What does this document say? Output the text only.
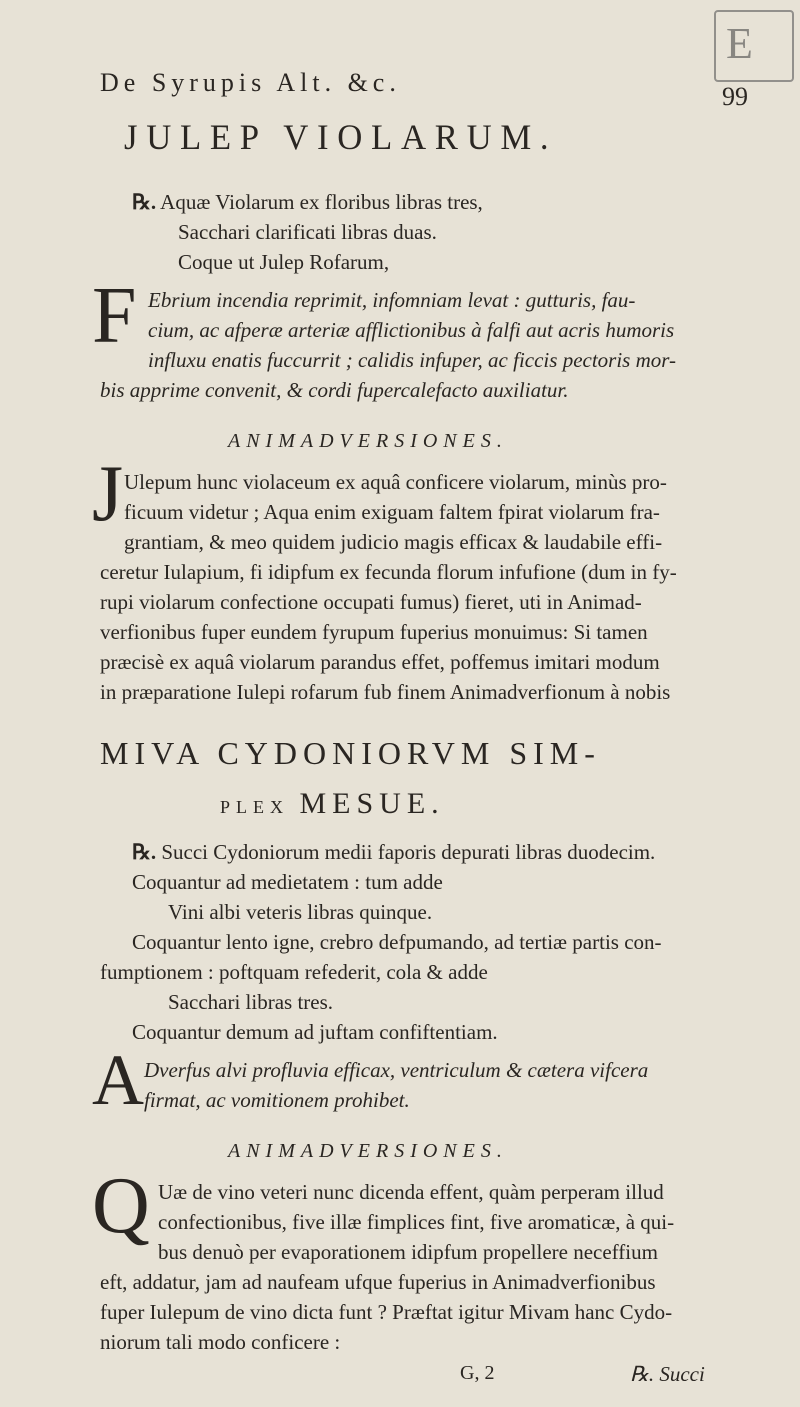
E
De Syrupis Alt. &c.	99
JULEP VIOLARUM.
℞. Aquæ Violarum ex floribus libras tres,
Sacchari clarificati libras duas.
Coque ut Julep Rofarum,
F Ebrium incendia reprimit, infomniam levat : gutturis, fau-
cium, ac afperæ arteriæ afflictionibus à falfi aut acris humoris
influxu enatis fuccurrit ; calidis infuper, ac ficcis pectoris mor-
bis apprime convenit, & cordi fupercalefacto auxiliatur.
ANIMADVERSIONES.
J Ulepum hunc violaceum ex aquâ conficere violarum, minùs pro-
ficuum videtur ; Aqua enim exiguam faltem fpirat violarum fra-
grantiam, & meo quidem judicio magis efficax & laudabile effi-
ceretur Iulapium, fi idipfum ex fecunda florum infufione (dum in fy-
rupi violarum confectione occupati fumus) fieret, uti in Animad-
verfionibus fuper eundem fyrupum fuperius monuimus: Si tamen
præcisè ex aquâ violarum parandus effet, poffemus imitari modum
in præparatione Iulepi rofarum fub finem Animadverfionum à nobis
MIVA CYDONIORVM SIM-
PLEX MESUE.
℞. Succi Cydoniorum medii faporis depurati libras duodecim.
Coquantur ad medietatem : tum adde
Vini albi veteris libras quinque.
Coquantur lento igne, crebro defpumando, ad tertiæ partis con-
fumptionem : poftquam refederit, cola & adde
Sacchari libras tres.
Coquantur demum ad juftam confiftentiam.
A Dverfus alvi profluvia efficax, ventriculum & cætera vifcera
firmat, ac vomitionem prohibet.
ANIMADVERSIONES.
Q Uæ de vino veteri nunc dicenda effent, quàm perperam illud
confectionibus, five illæ fimplices fint, five aromaticæ, à qui-
bus denuò per evaporationem idipfum propellere neceffium
eft, addatur, jam ad naufeam ufque fuperius in Animadverfionibus
fuper Iulepum de vino dicta funt ? Præftat igitur Mivam hanc Cydo-
niorum tali modo conficere :
G, 2	℞. Succi
